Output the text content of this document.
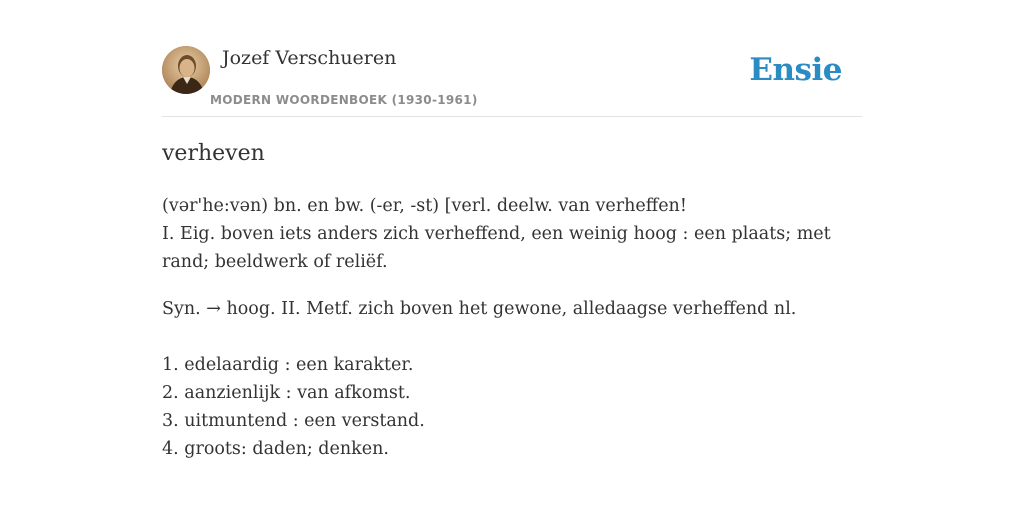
Jozef Verschueren
MODERN WOORDENBOEK (1930-1961)
Ensie
verheven
(vər'he:vən) bn. en bw. (-er, -st) [verl. deelw. van verheffen!
I. Eig. boven iets anders zich verheffend, een weinig hoog : een plaats; met rand; beeldwerk of reliëf.
Syn. → hoog. II. Metf. zich boven het gewone, alledaagse verheffend nl.
1. edelaardig : een karakter.
2. aanzienlijk : van afkomst.
3. uitmuntend : een verstand.
4. groots: daden; denken.
